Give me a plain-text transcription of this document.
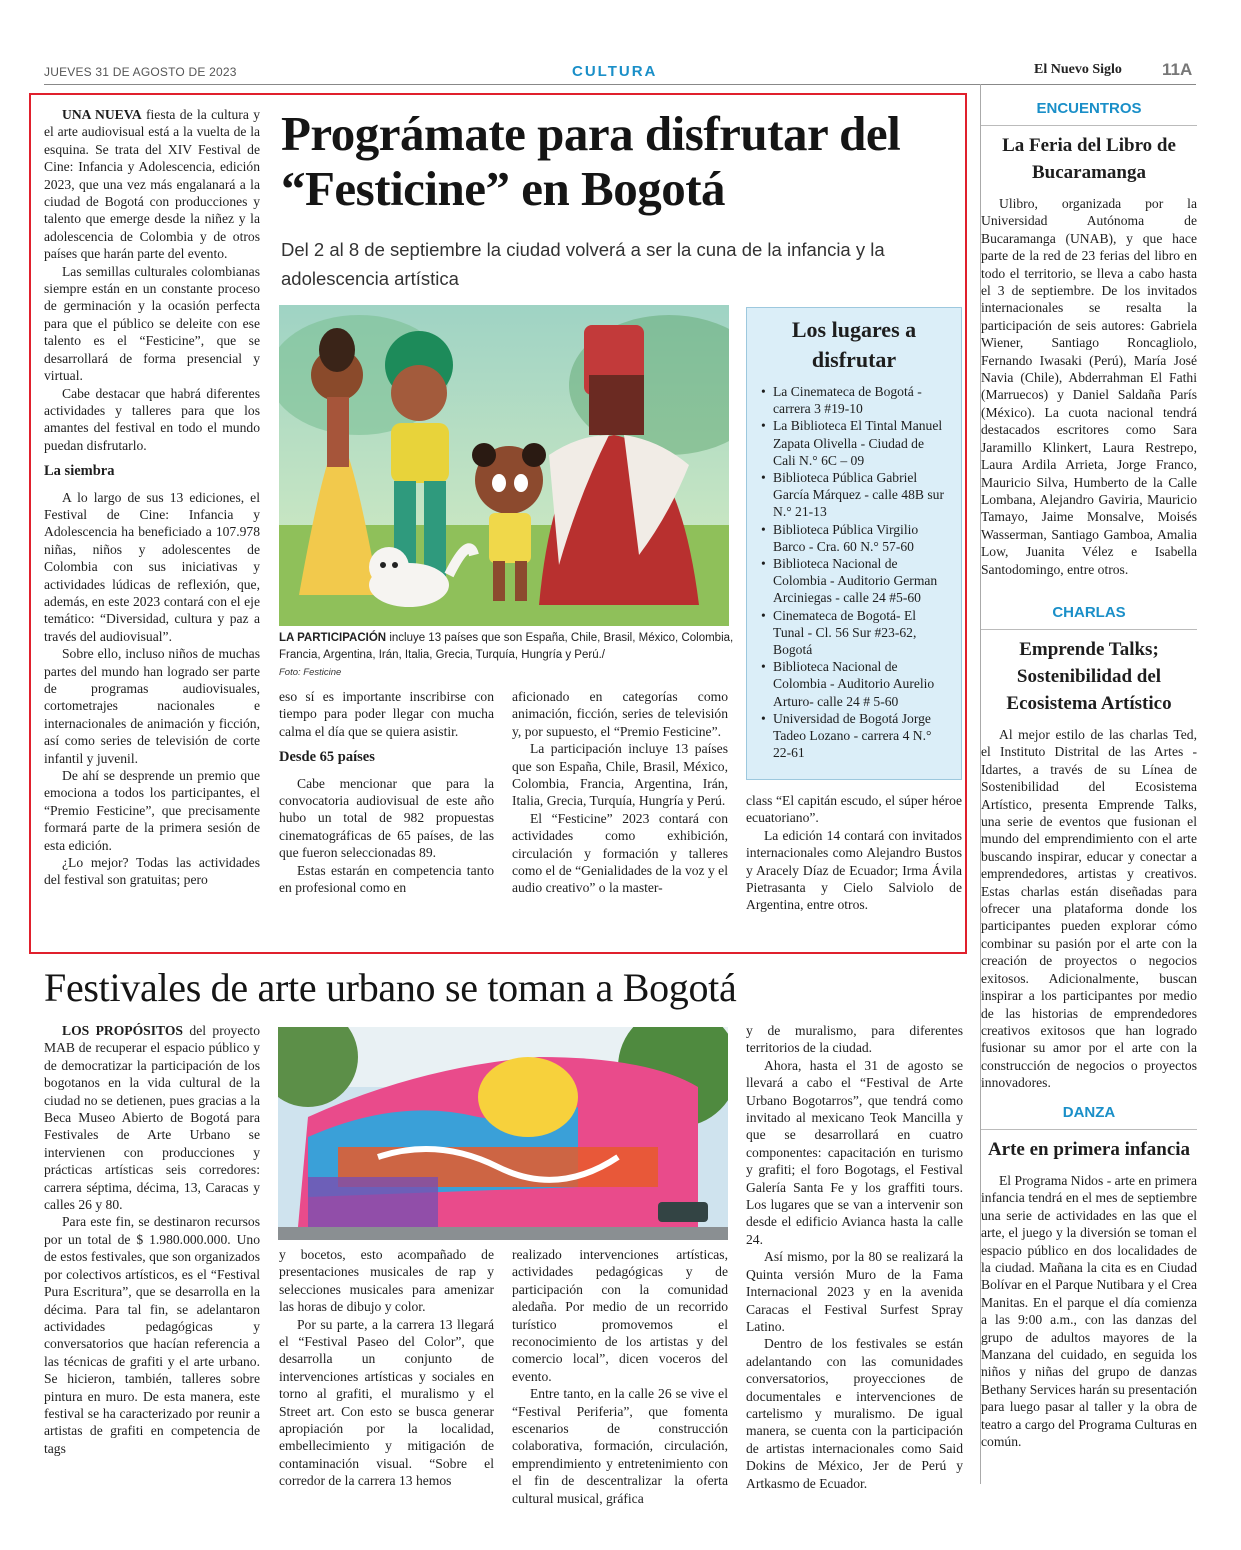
JUEVES 31 DE AGOSTO DE 2023	CULTURA	El Nuevo Siglo 11A

UNA NUEVA fiesta de la cultura y el arte audiovisual está a la vuelta de la esquina. Se trata del XIV Festival de Cine: Infancia y Adolescencia, edición 2023, que una vez más engalanará a la ciudad de Bogotá con producciones y talento que emerge desde la niñez y la adolescencia de Colombia y de otros países que harán parte del evento.

Las semillas culturales colombianas siempre están en un constante proceso de germinación y la ocasión perfecta para que el público se deleite con ese talento es el “Festicine”, que se desarrollará de forma presencial y virtual.

Cabe destacar que habrá diferentes actividades y talleres para que los amantes del festival en todo el mundo puedan disfrutarlo.

La siembra

A lo largo de sus 13 ediciones, el Festival de Cine: Infancia y Adolescencia ha beneficiado a 107.978 niñas, niños y adolescentes de Colombia con sus iniciativas y actividades lúdicas de reflexión, que, además, en este 2023 contará con el eje temático: “Diversidad, cultura y paz a través del audiovisual”.

Sobre ello, incluso niños de muchas partes del mundo han logrado ser parte de programas audiovisuales, cortometrajes nacionales e internacionales de animación y ficción, así como series de televisión de corte infantil y juvenil.

De ahí se desprende un premio que emociona a todos los participantes, el “Premio Festicine”, que precisamente formará parte de la primera sesión de esta edición.

¿Lo mejor? Todas las actividades del festival son gratuitas; pero

Prográmate para disfrutar del “Festicine” en Bogotá
Del 2 al 8 de septiembre la ciudad volverá a ser la cuna de la infancia y la adolescencia artística
LA PARTICIPACIÓN incluye 13 países que son España, Chile, Brasil, México, Colombia, Francia, Argentina, Irán, Italia, Grecia, Turquía, Hungría y Perú./
Foto: Festicine

eso sí es importante inscribirse con tiempo para poder llegar con mucha calma el día que se quiera asistir.

Desde 65 países

Cabe mencionar que para la convocatoria audiovisual de este año hubo un total de 982 propuestas cinematográficas de 65 países, de las que fueron seleccionadas 89.

Estas estarán en competencia tanto en profesional como en

aficionado en categorías como animación, ficción, series de televisión y, por supuesto, el “Premio Festicine”.

La participación incluye 13 países que son España, Chile, Brasil, México, Colombia, Francia, Argentina, Irán, Italia, Grecia, Turquía, Hungría y Perú.

El “Festicine” 2023 contará con actividades como exhibición, circulación y formación y talleres como el de “Genialidades de la voz y el audio creativo” o la master-

Los lugares a disfrutar
• La Cinemateca de Bogotá - carrera 3 #19-10
• La Biblioteca El Tintal Manuel Zapata Olivella - Ciudad de Cali N.° 6C – 09
• Biblioteca Pública Gabriel García Márquez - calle 48B sur N.° 21-13
• Biblioteca Pública Virgilio Barco - Cra. 60 N.° 57-60
• Biblioteca Nacional de Colombia - Auditorio German Arciniegas - calle 24 #5-60
• Cinemateca de Bogotá- El Tunal - Cl. 56 Sur #23-62, Bogotá
• Biblioteca Nacional de Colombia - Auditorio Aurelio Arturo- calle 24 # 5-60
• Universidad de Bogotá Jorge Tadeo Lozano - carrera 4 N.° 22-61

class “El capitán escudo, el súper héroe ecuatoriano”.

La edición 14 contará con invitados internacionales como Alejandro Bustos y Aracely Díaz de Ecuador; Irma Ávila Pietrasanta y Cielo Salviolo de Argentina, entre otros.

Festivales de arte urbano se toman a Bogotá

LOS PROPÓSITOS del proyecto MAB de recuperar el espacio público y de democratizar la participación de los bogotanos en la vida cultural de la ciudad no se detienen, pues gracias a la Beca Museo Abierto de Bogotá para Festivales de Arte Urbano se intervienen con producciones y prácticas artísticas seis corredores: carrera séptima, décima, 13, Caracas y calles 26 y 80.

Para este fin, se destinaron recursos por un total de $ 1.980.000.000. Uno de estos festivales, que son organizados por colectivos artísticos, es el “Festival Pura Escritura”, que se desarrolla en la décima. Para tal fin, se adelantaron actividades pedagógicas y conversatorios que hacían referencia a las técnicas de grafiti y el arte urbano. Se hicieron, también, talleres sobre pintura en muro. De esta manera, este festival se ha caracterizado por reunir a artistas de grafiti en competencia de tags

y bocetos, esto acompañado de presentaciones musicales de rap y selecciones musicales para amenizar las horas de dibujo y color.

Por su parte, a la carrera 13 llegará el “Festival Paseo del Color”, que desarrolla un conjunto de intervenciones artísticas y sociales en torno al grafiti, el muralismo y el Street art. Con esto se busca generar apropiación por la localidad, embellecimiento y mitigación de contaminación visual. “Sobre el corredor de la carrera 13 hemos

realizado intervenciones artísticas, actividades pedagógicas y de participación con la comunidad aledaña. Por medio de un recorrido turístico promovemos el reconocimiento de los artistas y del comercio local”, dicen voceros del evento.

Entre tanto, en la calle 26 se vive el “Festival Periferia”, que fomenta escenarios de construcción colaborativa, formación, circulación, emprendimiento y entretenimiento con el fin de descentralizar la oferta cultural musical, gráfica

y de muralismo, para diferentes territorios de la ciudad.

Ahora, hasta el 31 de agosto se llevará a cabo el “Festival de Arte Urbano Bogotarros”, que tendrá como invitado al mexicano Teok Mancilla y que se desarrollará en cuatro componentes: capacitación en turismo y grafiti; el foro Bogotags, el Festival Galería Santa Fe y los graffiti tours. Los lugares que se van a intervenir son desde el edificio Avianca hasta la calle 24.

Así mismo, por la 80 se realizará la Quinta versión Muro de la Fama Internacional 2023 y en la avenida Caracas el Festival Surfest Spray Latino.

Dentro de los festivales se están adelantando con las comunidades conversatorios, proyecciones de documentales e intervenciones de cartelismo y muralismo. De igual manera, se cuenta con la participación de artistas internacionales como Said Dokins de México, Jer de Perú y Artkasmo de Ecuador.

ENCUENTROS
La Feria del Libro de Bucaramanga

Ulibro, organizada por la Universidad Autónoma de Bucaramanga (UNAB), y que hace parte de la red de 23 ferias del libro en todo el territorio, se lleva a cabo hasta el 3 de septiembre. De los invitados internacionales se resalta la participación de seis autores: Gabriela Wiener, Santiago Roncagliolo, Fernando Iwasaki (Perú), María José Navia (Chile), Abderrahman El Fathi (Marruecos) y Daniel Saldaña París (México). La cuota nacional tendrá destacados escritores como Sara Jaramillo Klinkert, Laura Restrepo, Laura Ardila Arrieta, Jorge Franco, Mauricio Silva, Humberto de la Calle Lombana, Alejandro Gaviria, Mauricio Tamayo, Jaime Monsalve, Moisés Wasserman, Santiago Gamboa, Amalia Low, Juanita Vélez e Isabella Santodomingo, entre otros.

CHARLAS
Emprende Talks; Sostenibilidad del Ecosistema Artístico

Al mejor estilo de las charlas Ted, el Instituto Distrital de las Artes - Idartes, a través de su Línea de Sostenibilidad del Ecosistema Artístico, presenta Emprende Talks, una serie de eventos que fusionan el mundo del emprendimiento con el arte buscando inspirar, educar y conectar a emprendedores, artistas y creativos. Estas charlas están diseñadas para ofrecer una plataforma donde los participantes pueden explorar cómo combinar su pasión por el arte con la creación de proyectos o negocios exitosos. Adicionalmente, buscan inspirar a los participantes por medio de las historias de emprendedores creativos exitosos que han logrado fusionar su amor por el arte con la construcción de negocios o proyectos innovadores.

DANZA
Arte en primera infancia

El Programa Nidos - arte en primera infancia tendrá en el mes de septiembre una serie de actividades en las que el arte, el juego y la diversión se toman el espacio público en dos localidades de la ciudad. Mañana la cita es en Ciudad Bolívar en el Parque Nutibara y el Crea Manitas. En el parque el día comienza a las 9:00 a.m., con las danzas del grupo de adultos mayores de la Manzana del cuidado, en seguida los niños y niñas del grupo de danzas Bethany Services harán su presentación para luego pasar al taller y la obra de teatro a cargo del Programa Culturas en común.
